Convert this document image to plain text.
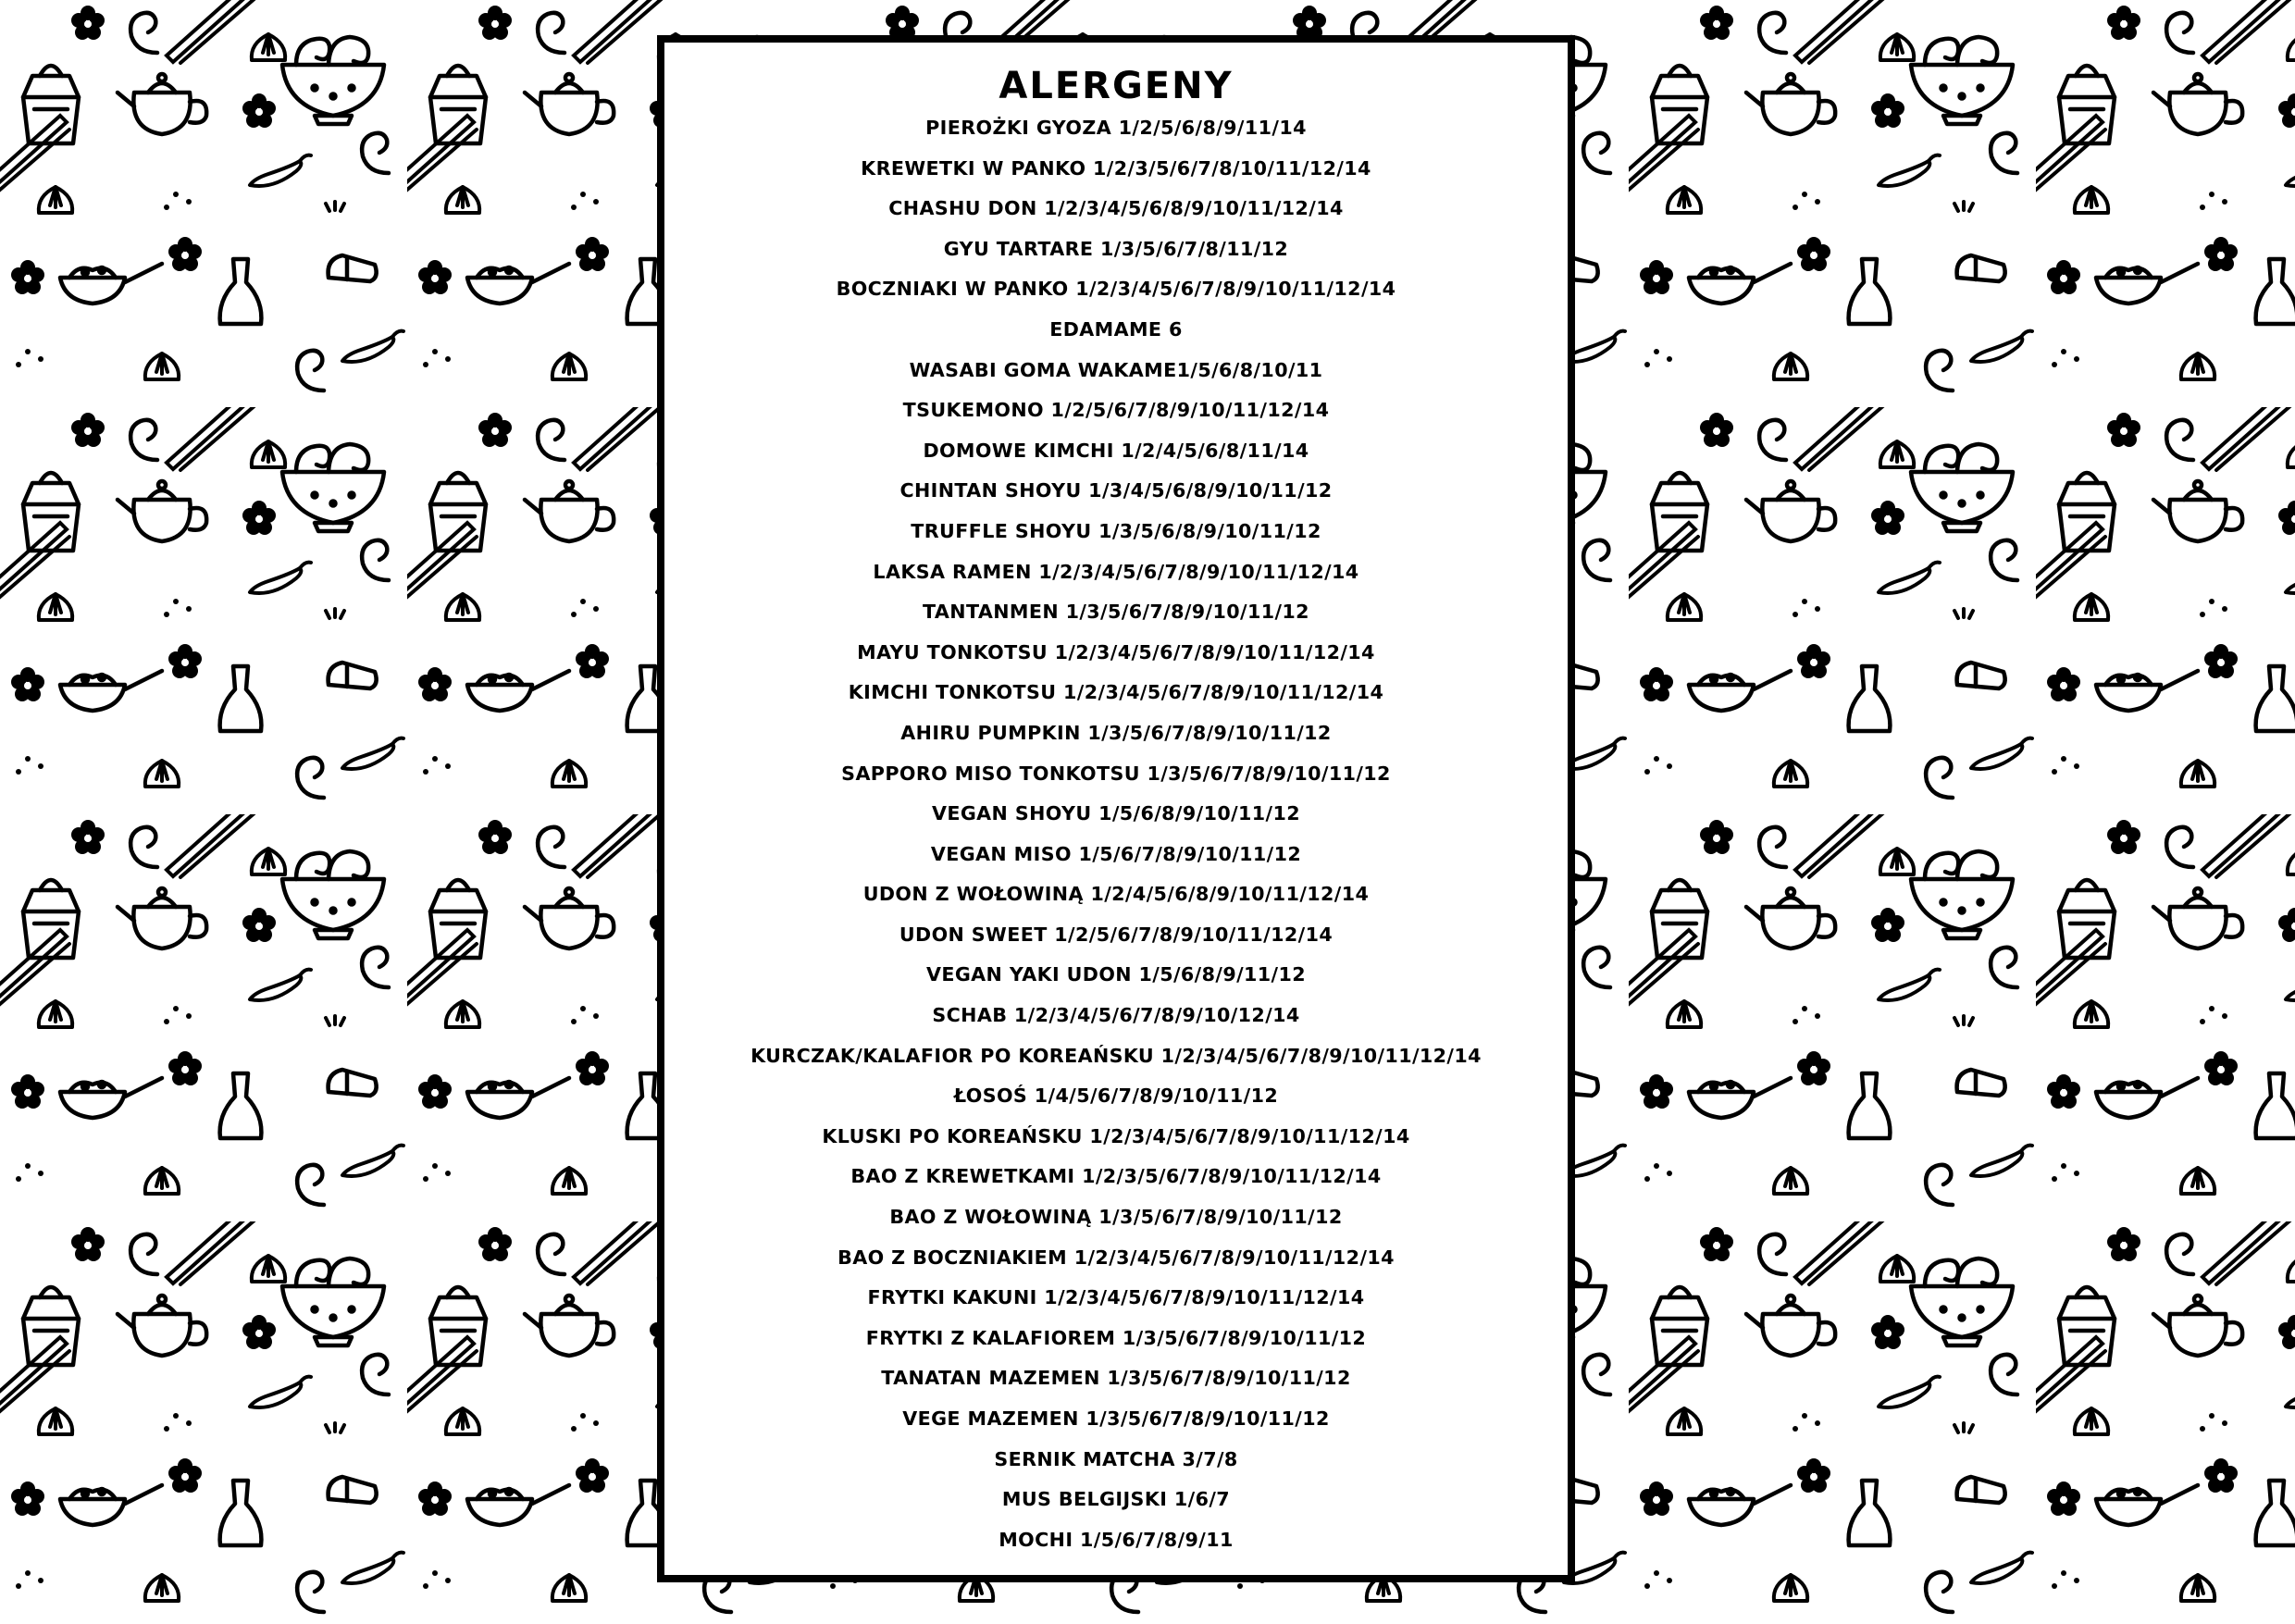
ALERGENY
PIEROŻKI GYOZA 1/2/5/6/8/9/11/14
KREWETKI W PANKO 1/2/3/5/6/7/8/10/11/12/14
CHASHU DON 1/2/3/4/5/6/8/9/10/11/12/14
GYU TARTARE 1/3/5/6/7/8/11/12
BOCZNIAKI W PANKO 1/2/3/4/5/6/7/8/9/10/11/12/14
EDAMAME 6
WASABI GOMA WAKAME1/5/6/8/10/11
TSUKEMONO 1/2/5/6/7/8/9/10/11/12/14
DOMOWE KIMCHI 1/2/4/5/6/8/11/14
CHINTAN SHOYU 1/3/4/5/6/8/9/10/11/12
TRUFFLE SHOYU 1/3/5/6/8/9/10/11/12
LAKSA RAMEN 1/2/3/4/5/6/7/8/9/10/11/12/14
TANTANMEN 1/3/5/6/7/8/9/10/11/12
MAYU TONKOTSU 1/2/3/4/5/6/7/8/9/10/11/12/14
KIMCHI TONKOTSU 1/2/3/4/5/6/7/8/9/10/11/12/14
AHIRU PUMPKIN 1/3/5/6/7/8/9/10/11/12
SAPPORO MISO TONKOTSU 1/3/5/6/7/8/9/10/11/12
VEGAN SHOYU 1/5/6/8/9/10/11/12
VEGAN MISO 1/5/6/7/8/9/10/11/12
UDON Z WOŁOWINĄ 1/2/4/5/6/8/9/10/11/12/14
UDON SWEET 1/2/5/6/7/8/9/10/11/12/14
VEGAN YAKI UDON 1/5/6/8/9/11/12
SCHAB 1/2/3/4/5/6/7/8/9/10/12/14
KURCZAK/KALAFIOR PO KOREAŃSKU 1/2/3/4/5/6/7/8/9/10/11/12/14
ŁOSOŚ 1/4/5/6/7/8/9/10/11/12
KLUSKI PO KOREAŃSKU 1/2/3/4/5/6/7/8/9/10/11/12/14
BAO Z KREWETKAMI 1/2/3/5/6/7/8/9/10/11/12/14
BAO Z WOŁOWINĄ 1/3/5/6/7/8/9/10/11/12
BAO Z BOCZNIAKIEM 1/2/3/4/5/6/7/8/9/10/11/12/14
FRYTKI KAKUNI 1/2/3/4/5/6/7/8/9/10/11/12/14
FRYTKI Z KALAFIOREM 1/3/5/6/7/8/9/10/11/12
TANATAN MAZEMEN 1/3/5/6/7/8/9/10/11/12
VEGE MAZEMEN 1/3/5/6/7/8/9/10/11/12
SERNIK MATCHA 3/7/8
MUS BELGIJSKI 1/6/7
MOCHI 1/5/6/7/8/9/11
